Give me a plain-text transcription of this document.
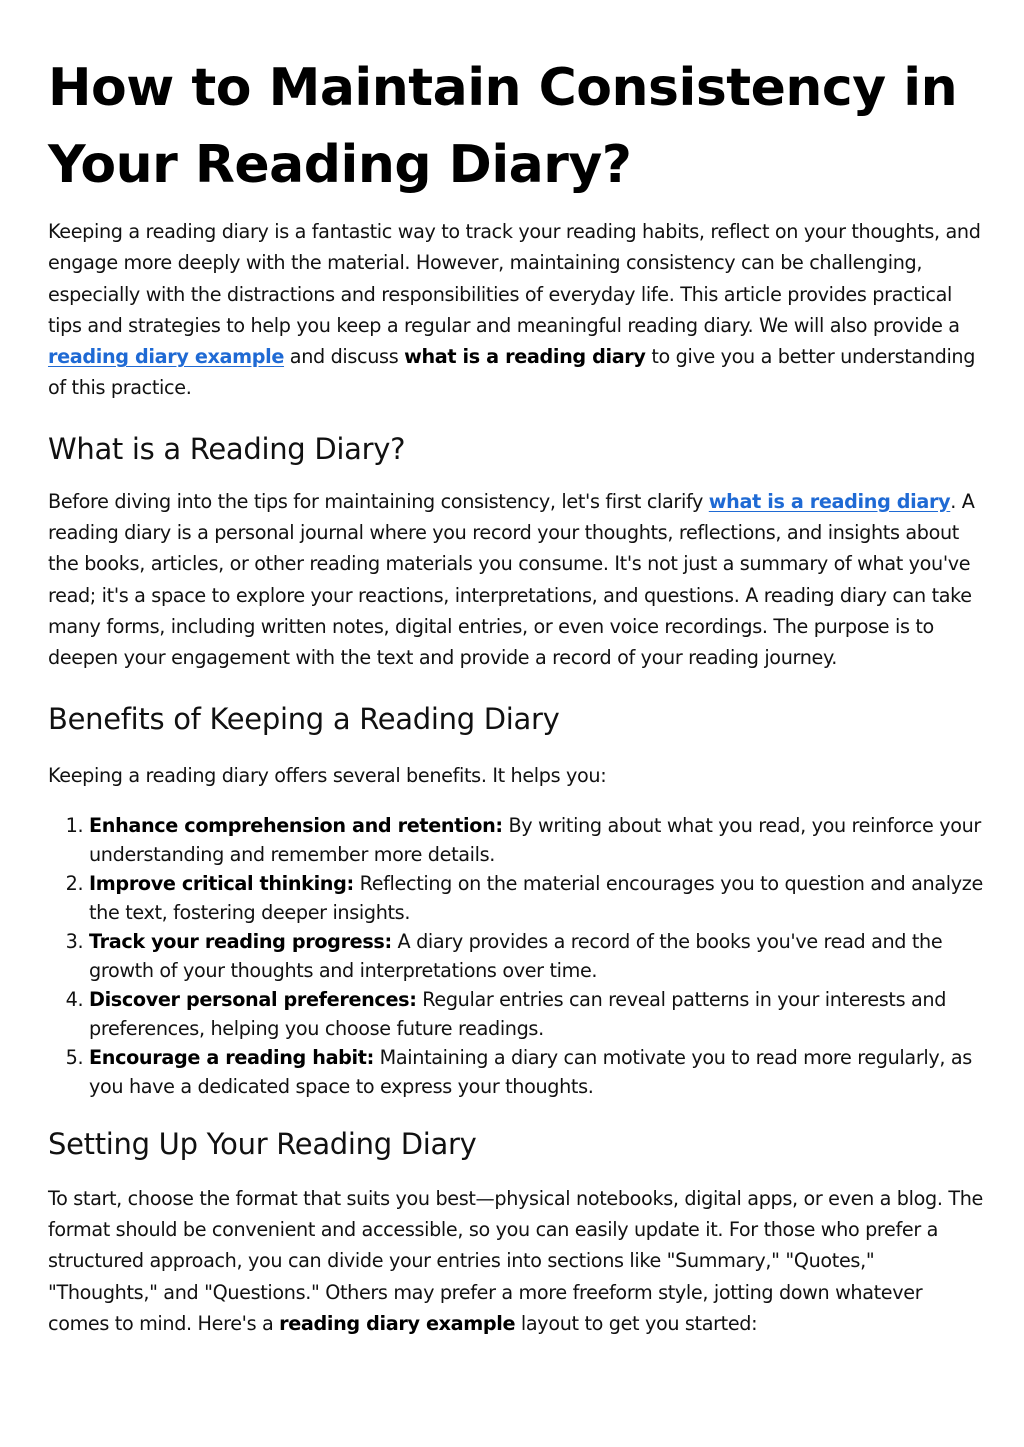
How to Maintain Consistency in Your Reading Diary?

Keeping a reading diary is a fantastic way to track your reading habits, reflect on your thoughts, and engage more deeply with the material. However, maintaining consistency can be challenging, especially with the distractions and responsibilities of everyday life. This article provides practical tips and strategies to help you keep a regular and meaningful reading diary. We will also provide a reading diary example and discuss what is a reading diary to give you a better understanding of this practice.

What is a Reading Diary?

Before diving into the tips for maintaining consistency, let's first clarify what is a reading diary. A reading diary is a personal journal where you record your thoughts, reflections, and insights about the books, articles, or other reading materials you consume. It's not just a summary of what you've read; it's a space to explore your reactions, interpretations, and questions. A reading diary can take many forms, including written notes, digital entries, or even voice recordings. The purpose is to deepen your engagement with the text and provide a record of your reading journey.

Benefits of Keeping a Reading Diary

Keeping a reading diary offers several benefits. It helps you:

1. Enhance comprehension and retention: By writing about what you read, you reinforce your understanding and remember more details.
2. Improve critical thinking: Reflecting on the material encourages you to question and analyze the text, fostering deeper insights.
3. Track your reading progress: A diary provides a record of the books you've read and the growth of your thoughts and interpretations over time.
4. Discover personal preferences: Regular entries can reveal patterns in your interests and preferences, helping you choose future readings.
5. Encourage a reading habit: Maintaining a diary can motivate you to read more regularly, as you have a dedicated space to express your thoughts.
Setting Up Your Reading Diary

To start, choose the format that suits you best—physical notebooks, digital apps, or even a blog. The format should be convenient and accessible, so you can easily update it. For those who prefer a structured approach, you can divide your entries into sections like "Summary," "Quotes," "Thoughts," and "Questions." Others may prefer a more freeform style, jotting down whatever comes to mind. Here's a reading diary example layout to get you started:
